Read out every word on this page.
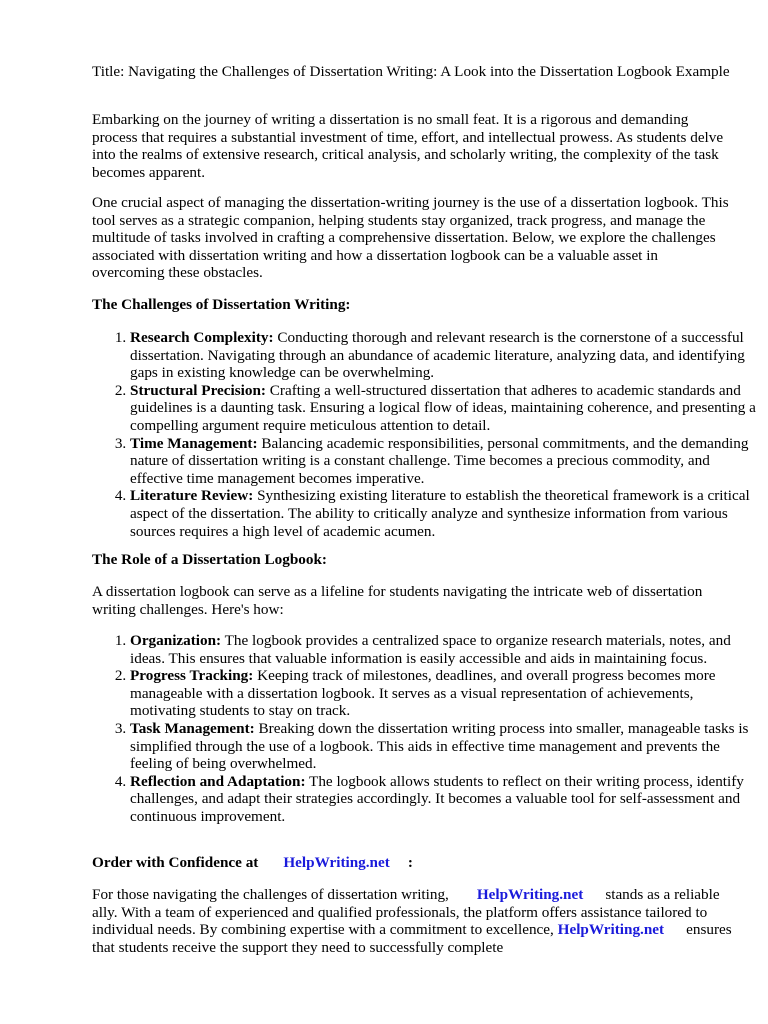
Title: Navigating the Challenges of Dissertation Writing: A Look into the Dissertation Logbook Example

Embarking on the journey of writing a dissertation is no small feat. It is a rigorous and demanding process that requires a substantial investment of time, effort, and intellectual prowess. As students delve into the realms of extensive research, critical analysis, and scholarly writing, the complexity of the task becomes apparent.

One crucial aspect of managing the dissertation-writing journey is the use of a dissertation logbook. This tool serves as a strategic companion, helping students stay organized, track progress, and manage the multitude of tasks involved in crafting a comprehensive dissertation. Below, we explore the challenges associated with dissertation writing and how a dissertation logbook can be a valuable asset in overcoming these obstacles.

The Challenges of Dissertation Writing:

1. Research Complexity: Conducting thorough and relevant research is the cornerstone of a successful dissertation. Navigating through an abundance of academic literature, analyzing data, and identifying gaps in existing knowledge can be overwhelming.
2. Structural Precision: Crafting a well-structured dissertation that adheres to academic standards and guidelines is a daunting task. Ensuring a logical flow of ideas, maintaining coherence, and presenting a compelling argument require meticulous attention to detail.
3. Time Management: Balancing academic responsibilities, personal commitments, and the demanding nature of dissertation writing is a constant challenge. Time becomes a precious commodity, and effective time management becomes imperative.
4. Literature Review: Synthesizing existing literature to establish the theoretical framework is a critical aspect of the dissertation. The ability to critically analyze and synthesize information from various sources requires a high level of academic acumen.

The Role of a Dissertation Logbook:

A dissertation logbook can serve as a lifeline for students navigating the intricate web of dissertation writing challenges. Here's how:

1. Organization: The logbook provides a centralized space to organize research materials, notes, and ideas. This ensures that valuable information is easily accessible and aids in maintaining focus.
2. Progress Tracking: Keeping track of milestones, deadlines, and overall progress becomes more manageable with a dissertation logbook. It serves as a visual representation of achievements, motivating students to stay on track.
3. Task Management: Breaking down the dissertation writing process into smaller, manageable tasks is simplified through the use of a logbook. This aids in effective time management and prevents the feeling of being overwhelmed.
4. Reflection and Adaptation: The logbook allows students to reflect on their writing process, identify challenges, and adapt their strategies accordingly. It becomes a valuable tool for self-assessment and continuous improvement.

Order with Confidence at HelpWriting.net :

For those navigating the challenges of dissertation writing, HelpWriting.net stands as a reliable ally. With a team of experienced and qualified professionals, the platform offers assistance tailored to individual needs. By combining expertise with a commitment to excellence, HelpWriting.net ensures that students receive the support they need to successfully complete
